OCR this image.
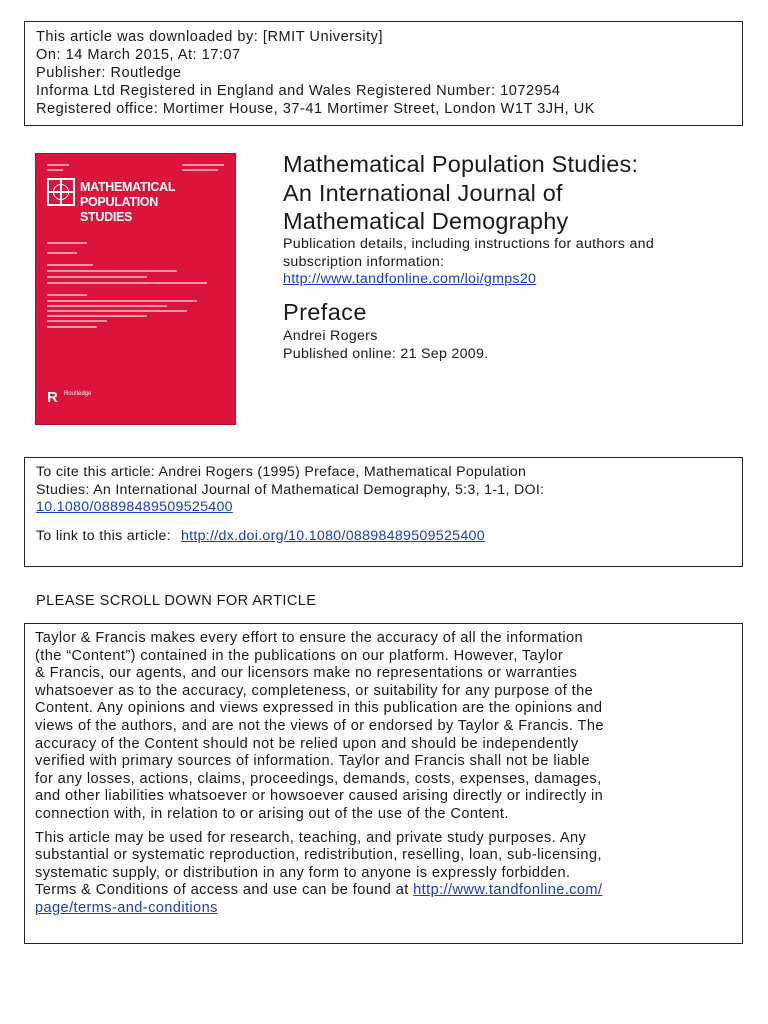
This article was downloaded by: [RMIT University]
On: 14 March 2015, At: 17:07
Publisher: Routledge
Informa Ltd Registered in England and Wales Registered Number: 1072954
Registered office: Mortimer House, 37-41 Mortimer Street, London W1T 3JH, UK
MATHEMATICAL
POPULATION
STUDIES
R	Routledge
Mathematical Population Studies:
An International Journal of
Mathematical Demography
Publication details, including instructions for authors and
subscription information:
http://www.tandfonline.com/loi/gmps20
Preface
Andrei Rogers
Published online: 21 Sep 2009.
To cite this article: Andrei Rogers (1995) Preface, Mathematical Population
Studies: An International Journal of Mathematical Demography, 5:3, 1-1, DOI:
10.1080/08898489509525400
To link to this article: http://dx.doi.org/10.1080/08898489509525400
PLEASE SCROLL DOWN FOR ARTICLE
Taylor & Francis makes every effort to ensure the accuracy of all the information
(the “Content”) contained in the publications on our platform. However, Taylor
& Francis, our agents, and our licensors make no representations or warranties
whatsoever as to the accuracy, completeness, or suitability for any purpose of the
Content. Any opinions and views expressed in this publication are the opinions and
views of the authors, and are not the views of or endorsed by Taylor & Francis. The
accuracy of the Content should not be relied upon and should be independently
verified with primary sources of information. Taylor and Francis shall not be liable
for any losses, actions, claims, proceedings, demands, costs, expenses, damages,
and other liabilities whatsoever or howsoever caused arising directly or indirectly in
connection with, in relation to or arising out of the use of the Content.
This article may be used for research, teaching, and private study purposes. Any
substantial or systematic reproduction, redistribution, reselling, loan, sub-licensing,
systematic supply, or distribution in any form to anyone is expressly forbidden.
Terms & Conditions of access and use can be found at http://www.tandfonline.com/
page/terms-and-conditions
